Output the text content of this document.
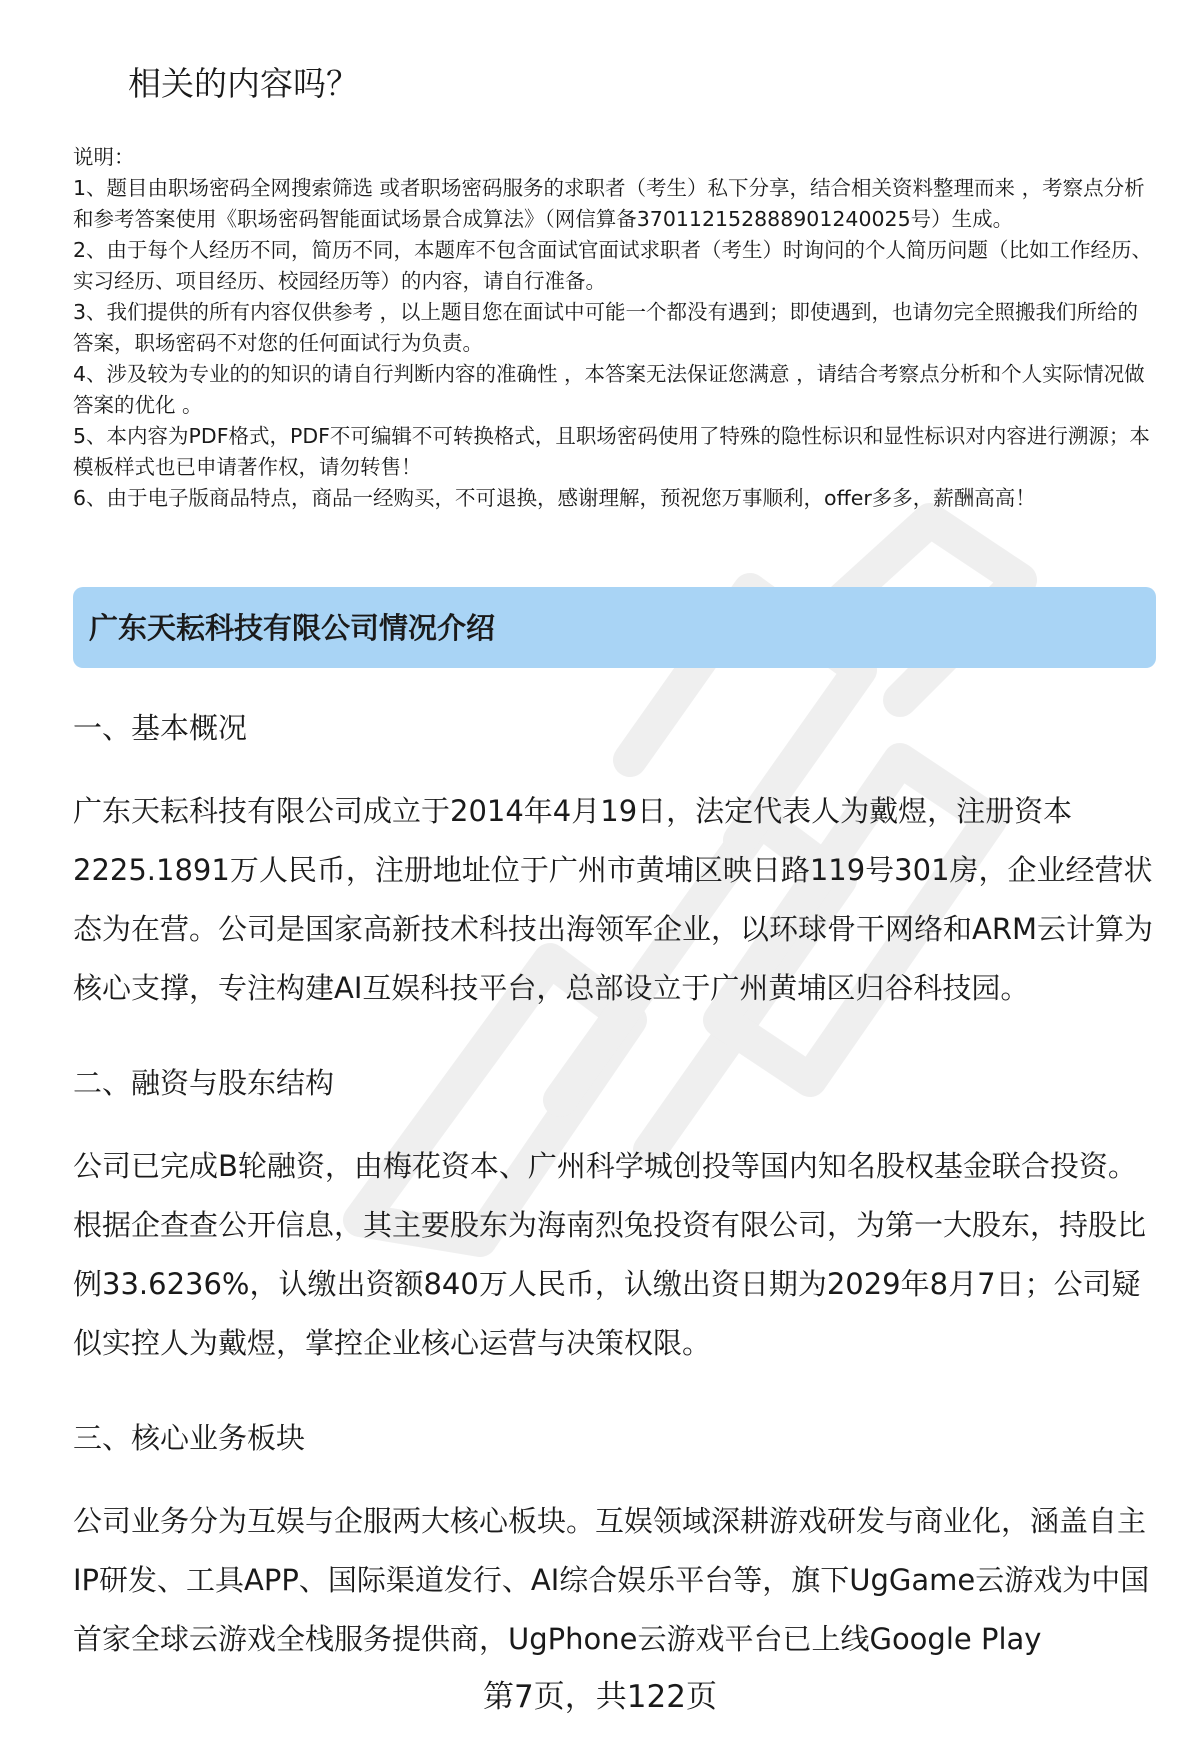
相关的内容吗？

说明：

1、题目由职场密码全网搜索筛选 或者职场密码服务的求职者（考生）私下分享，结合相关资料整理而来 ，考察点分析和参考答案使用《职场密码智能面试场景合成算法》（网信算备370112152888901240025号）生成。

2、由于每个人经历不同，简历不同，本题库不包含面试官面试求职者（考生）时询问的个人简历问题（比如工作经历、实习经历、项目经历、校园经历等）的内容，请自行准备。

3、我们提供的所有内容仅供参考 ，以上题目您在面试中可能一个都没有遇到；即使遇到，也请勿完全照搬我们所给的答案，职场密码不对您的任何面试行为负责。

4、涉及较为专业的的知识的请自行判断内容的准确性 ，本答案无法保证您满意 ，请结合考察点分析和个人实际情况做答案的优化 。

5、本内容为PDF格式，PDF不可编辑不可转换格式，且职场密码使用了特殊的隐性标识和显性标识对内容进行溯源；本模板样式也已申请著作权，请勿转售！

6、由于电子版商品特点，商品一经购买，不可退换，感谢理解，预祝您万事顺利，offer多多，薪酬高高！

广东天耘科技有限公司情况介绍
一、基本概况

广东天耘科技有限公司成立于2014年4月19日，法定代表人为戴煜，注册资本2225.1891万人民币，注册地址位于广州市黄埔区映日路119号301房，企业经营状态为在营。公司是国家高新技术科技出海领军企业，以环球骨干网络和ARM云计算为核心支撑，专注构建AI互娱科技平台，总部设立于广州黄埔区归谷科技园。

二、融资与股东结构

公司已完成B轮融资，由梅花资本、广州科学城创投等国内知名股权基金联合投资。根据企查查公开信息，其主要股东为海南烈兔投资有限公司，为第一大股东，持股比例33.6236%，认缴出资额840万人民币，认缴出资日期为2029年8月7日；公司疑似实控人为戴煜，掌控企业核心运营与决策权限。

三、核心业务板块

公司业务分为互娱与企服两大核心板块。互娱领域深耕游戏研发与商业化，涵盖自主IP研发、工具APP、国际渠道发行、AI综合娱乐平台等，旗下UgGame云游戏为中国首家全球云游戏全栈服务提供商，UgPhone云游戏平台已上线Google Play

第7页，共122页
